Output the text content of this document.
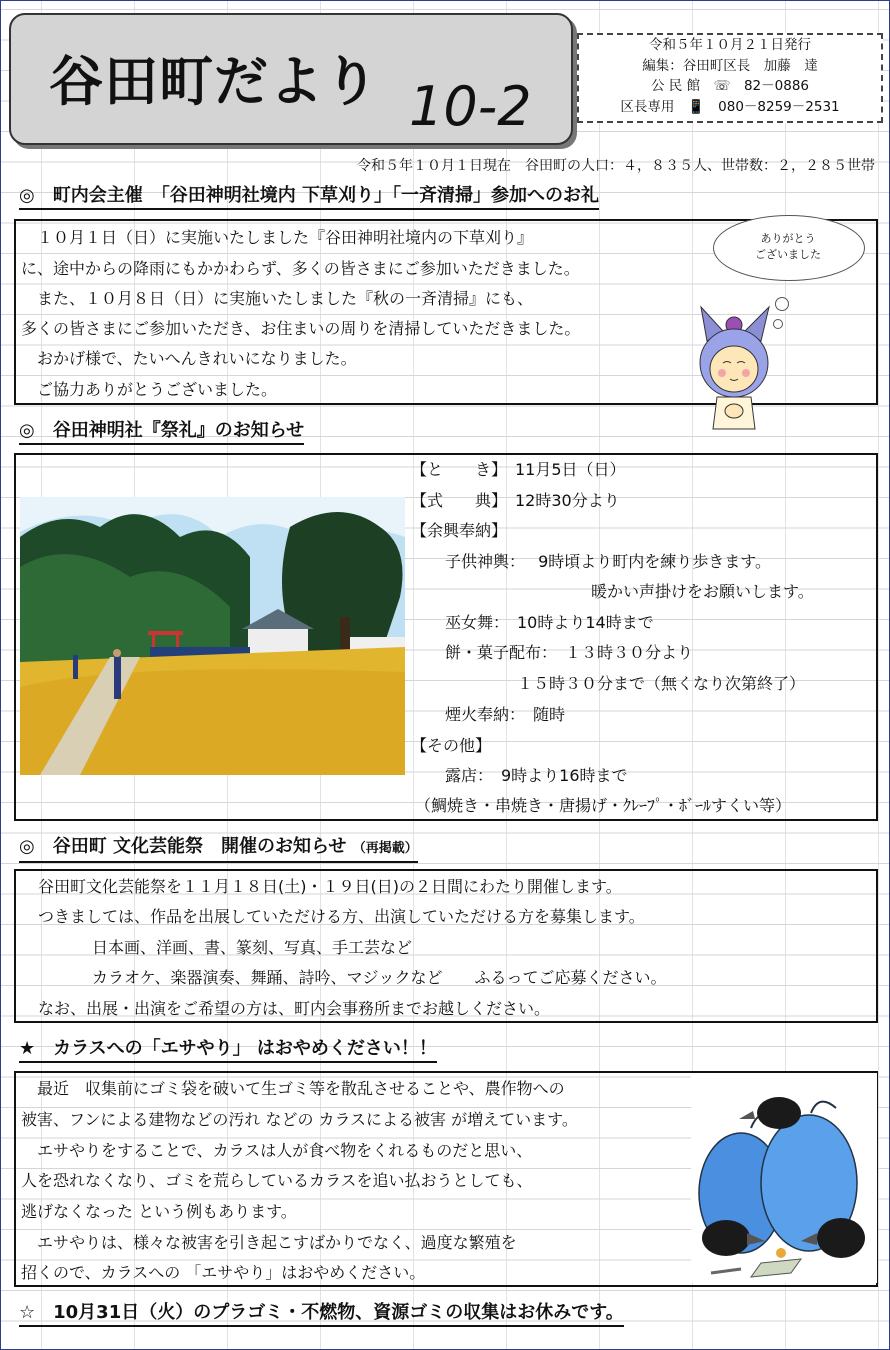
谷田町だより 10-2
令和５年１０月２１日発行
編集：谷田町区長　加藤　達
公 民 館　☏　82－0886
区長専用　📱　080－8259－2531
令和５年１０月１日現在　谷田町の人口：４，８３５人、世帯数：２，２８５世帯
◎　町内会主催　「谷田神明社境内 下草刈り」「一斉清掃」参加へのお礼
　１０月１日（日）に実施いたしました『谷田神明社境内の下草刈り』
に、途中からの降雨にもかかわらず、多くの皆さまにご参加いただきました。
　また、１０月８日（日）に実施いたしました『秋の一斉清掃』にも、
多くの皆さまにご参加いただき、お住まいの周りを清掃していただきました。
　おかげ様で、たいへんきれいになりました。
　ご協力ありがとうございました。
ありがとう
ございました
◎　谷田神明社『祭礼』のお知らせ
【と　　き】　11月5日（日）
【式　　典】　12時30分より
【余興奉納】
子供神輿：　 9時頃より町内を練り歩きます。
暖かい声掛けをお願いします。
巫女舞：　10時より14時まで
餅・菓子配布：　１３時３０分より
１５時３０分まで（無くなり次第終了）
煙火奉納：　随時
【その他】
露店：　9時より16時まで
（鯛焼き・串焼き・唐揚げ・ｸﾚｰﾌﾟ・ﾎﾞｰﾙすくい等）
◎　谷田町 文化芸能祭　開催のお知らせ （再掲載）
谷田町文化芸能祭を１１月１８日(土)・１９日(日)の２日間にわたり開催します。
つきましては、作品を出展していただける方、出演していただける方を募集します。
日本画、洋画、書、篆刻、写真、手工芸など
カラオケ、楽器演奏、舞踊、詩吟、マジックなど　　ふるってご応募ください。
なお、出展・出演をご希望の方は、町内会事務所までお越しください。
★　カラスへの「エサやり」 はおやめください！！
　最近　収集前にゴミ袋を破いて生ゴミ等を散乱させることや、農作物への
被害、フンによる建物などの汚れ などの カラスによる被害 が増えています。
　エサやりをすることで、カラスは人が食べ物をくれるものだと思い、
人を恐れなくなり、ゴミを荒らしているカラスを追い払おうとしても、
逃げなくなった という例もあります。
　エサやりは、様々な被害を引き起こすばかりでなく、過度な繁殖を
招くので、カラスへの 「エサやり」はおやめください。
☆　10月31日（火）のプラゴミ・不燃物、資源ゴミの収集はお休みです。
